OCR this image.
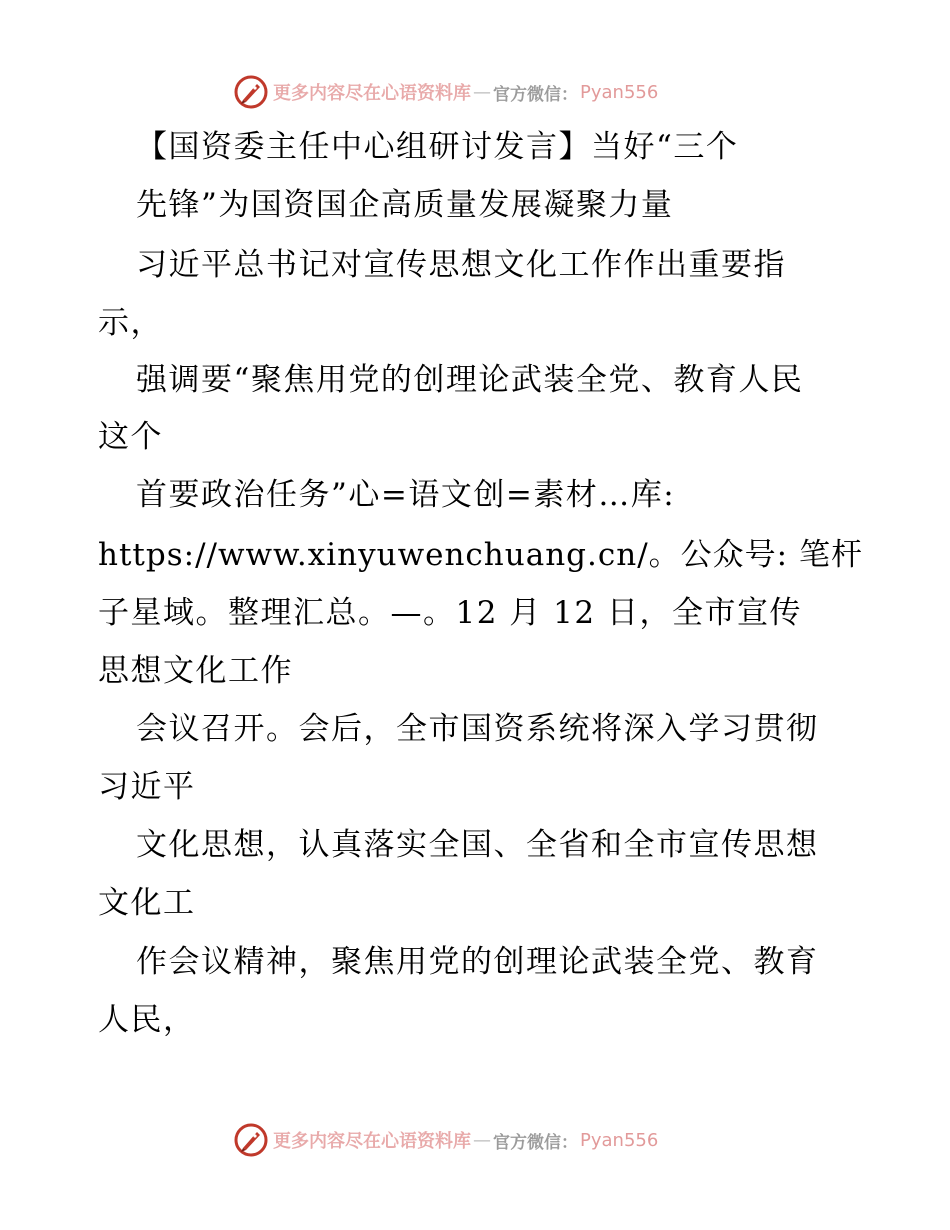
更多内容尽在心语资料库 — 官方微信： Pyan556
【国资委主任中心组研讨发言】当好“三个
先锋”为国资国企高质量发展凝聚力量
习近平总书记对宣传思想文化工作作出重要指
示，
强调要“聚焦用党的创理论武装全党、教育人民
这个
首要政治任务”心=语文创=素材…库:
https://www.xinyuwenchuang.cn/。公众号: 笔杆
子星域。整理汇总。—。12 月 12 日，全市宣传
思想文化工作
会议召开。会后，全市国资系统将深入学习贯彻
习近平
文化思想，认真落实全国、全省和全市宣传思想
文化工
作会议精神，聚焦用党的创理论武装全党、教育
人民，
更多内容尽在心语资料库 — 官方微信： Pyan556
